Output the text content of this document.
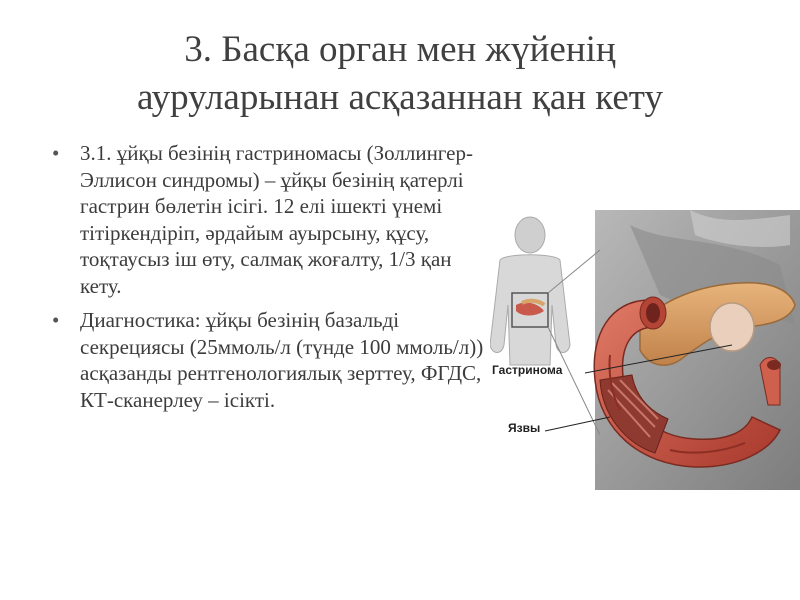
3. Басқа орган мен жүйенің
ауруларынан асқазаннан қан кету
• 3.1. ұйқы безінің гастриномасы (Золлингер-Эллисон синдромы) – ұйқы безінің қатерлі гастрин бөлетін ісігі. 12 елі ішекті үнемі тітіркендіріп, әрдайым ауырсыну, құсу, тоқтаусыз іш өту, салмақ жоғалту, 1/3 қан кету.
• Диагностика: ұйқы безінің базальді секрециясы (25ммоль/л (түнде 100 ммоль/л)) асқазанды рентгенологиялық зерттеу, ФГДС, КТ-сканерлеу – ісікті.
Гастринома
Язвы
